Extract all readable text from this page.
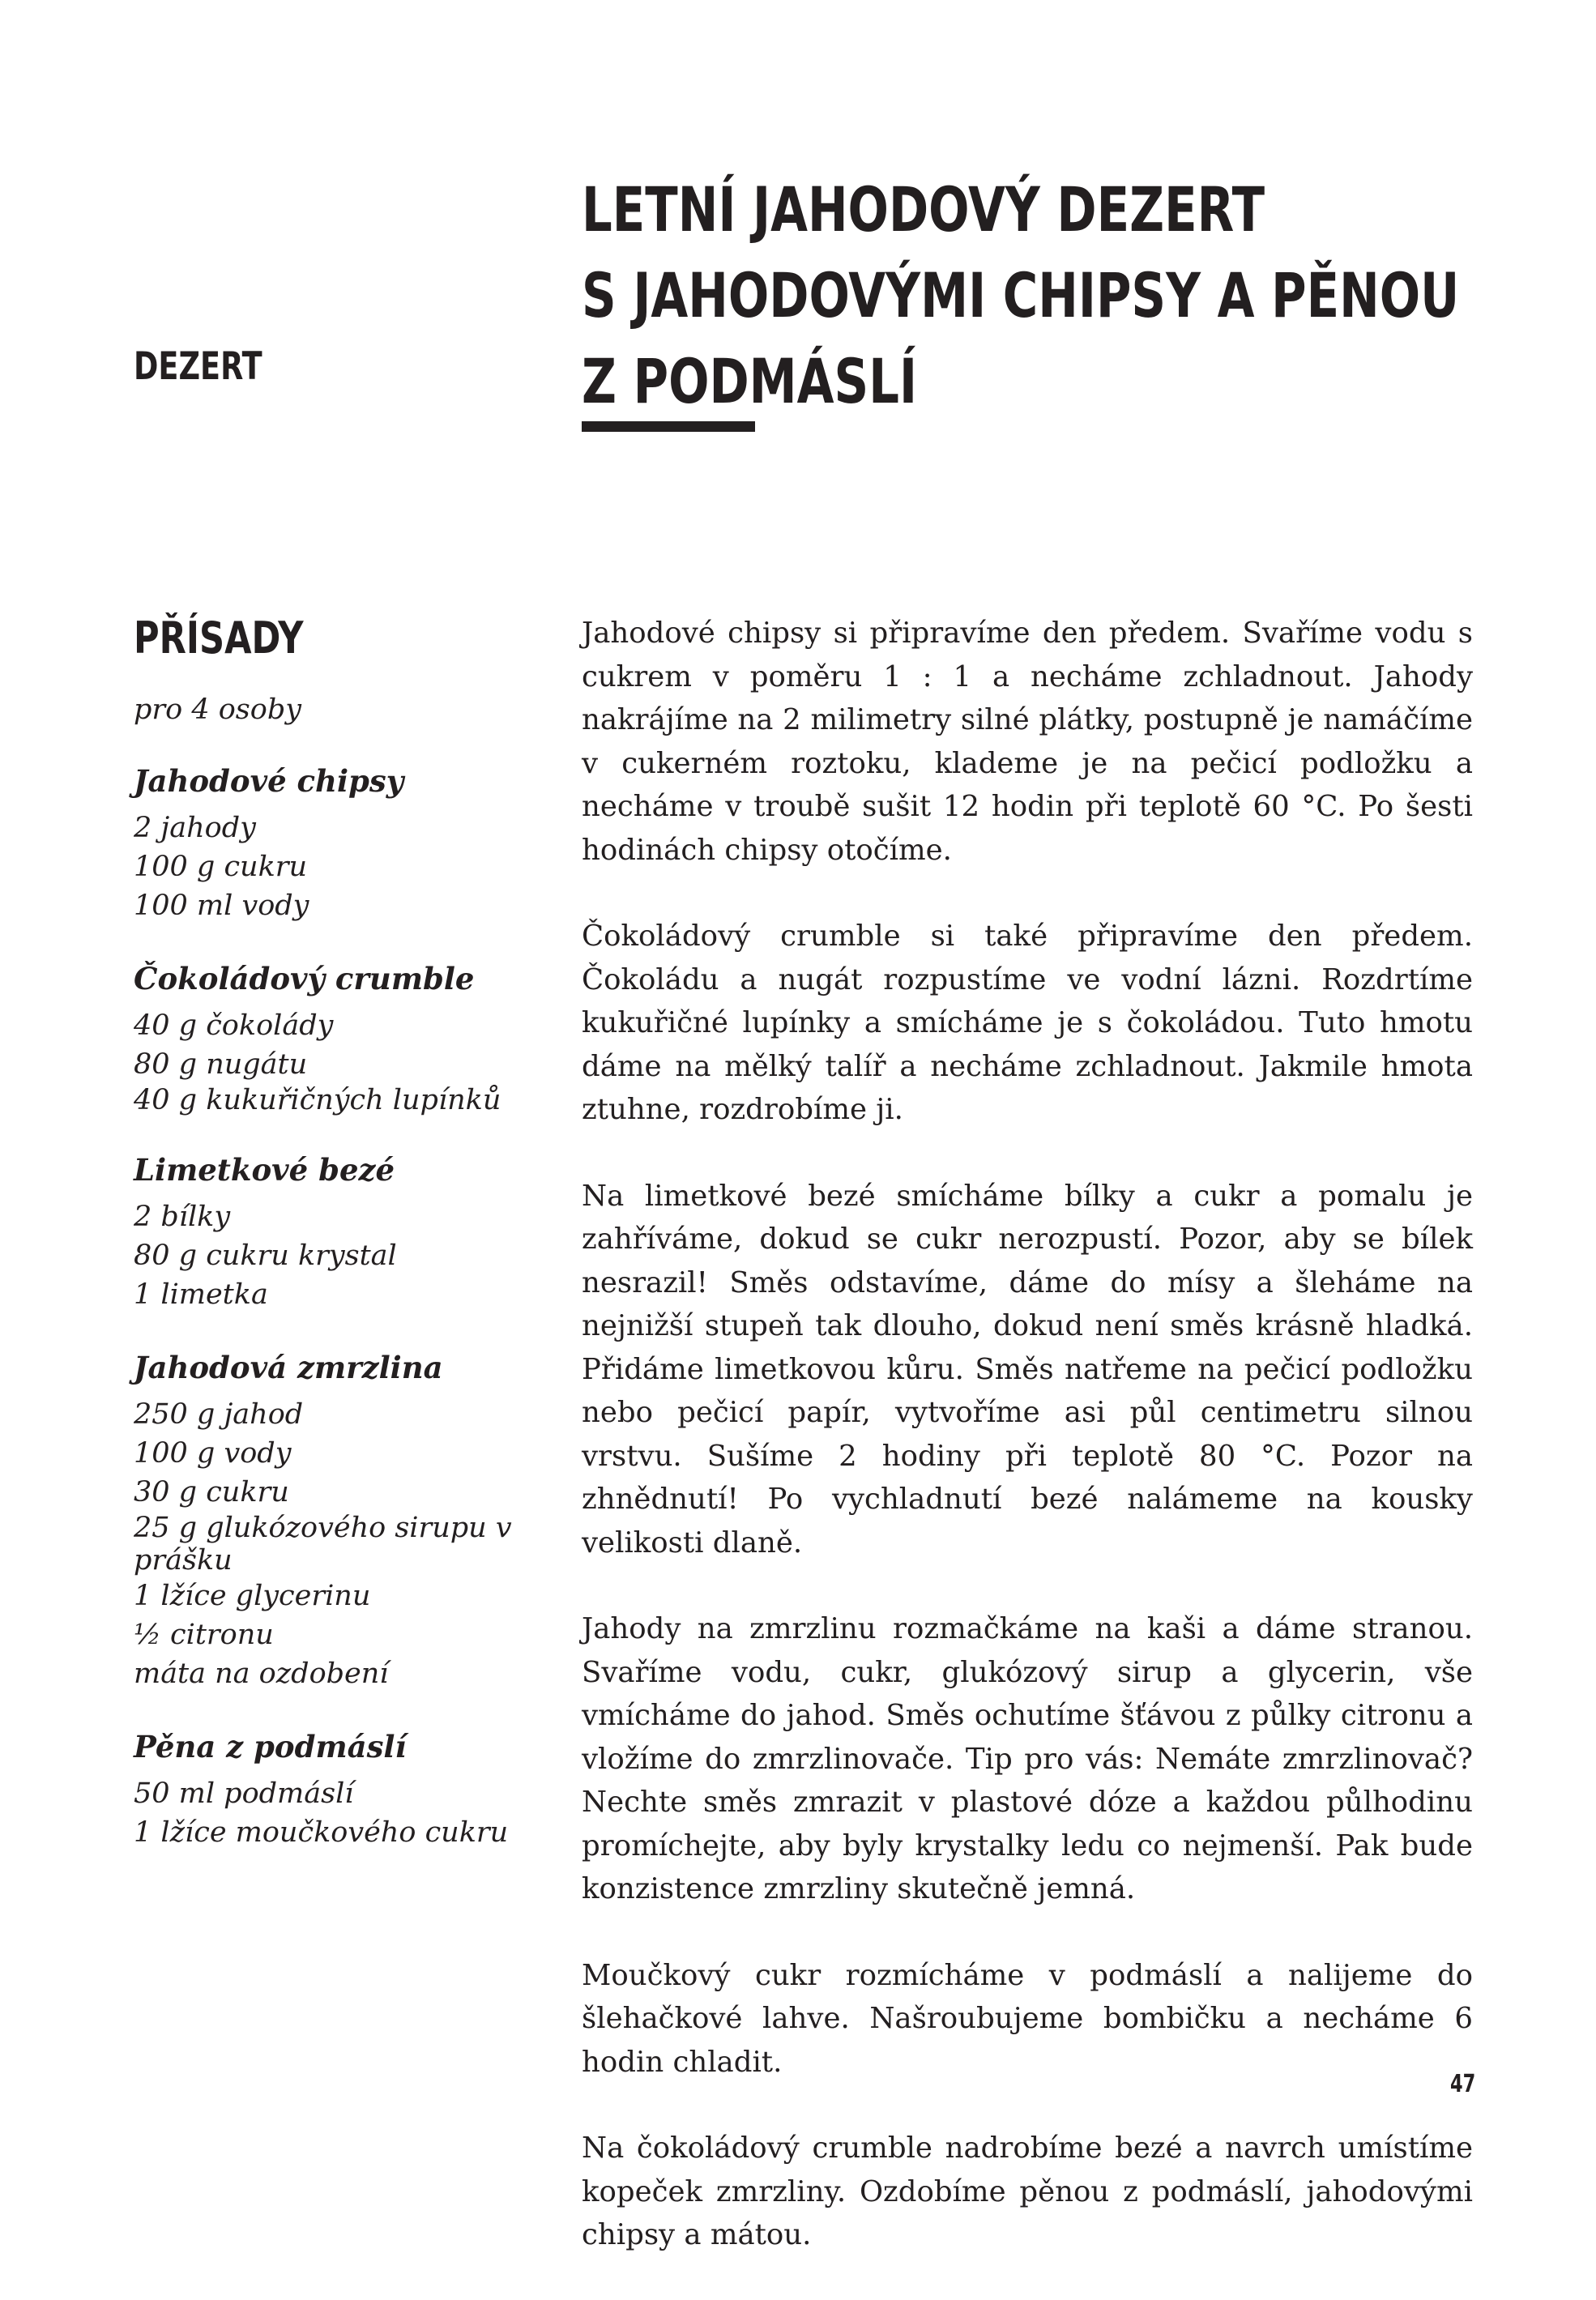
DEZERT
LETNÍ JAHODOVÝ DEZERT
S JAHODOVÝMI CHIPSY A PĚNOU
Z PODMÁSLÍ
PŘÍSADY
pro 4 osoby
Jahodové chipsy
2 jahody
100 g cukru
100 ml vody
Čokoládový crumble
40 g čokolády
80 g nugátu
40 g kukuřičných lupínků
Limetkové bezé
2 bílky
80 g cukru krystal
1 limetka
Jahodová zmrzlina
250 g jahod
100 g vody
30 g cukru
25 g glukózového sirupu v prášku
1 lžíce glycerinu
½ citronu
máta na ozdobení
Pěna z podmáslí
50 ml podmáslí
1 lžíce moučkového cukru

Jahodové chipsy si připravíme den předem. Svaříme vodu s cukrem v poměru 1 : 1 a necháme zchladnout. Jahody nakrájíme na 2 milimetry silné plátky, postupně je namáčíme v cukerném roztoku, klademe je na pečicí podložku a necháme v troubě sušit 12 hodin při teplotě 60 °C. Po šesti hodinách chipsy otočíme.

Čokoládový crumble si také připravíme den předem. Čokoládu a nugát rozpustíme ve vodní lázni. Rozdrtíme kukuřičné lupínky a smícháme je s čokoládou. Tuto hmotu dáme na mělký talíř a necháme zchladnout. Jakmile hmota ztuhne, rozdrobíme ji.

Na limetkové bezé smícháme bílky a cukr a pomalu je zahříváme, dokud se cukr nerozpustí. Pozor, aby se bílek nesrazil! Směs odstavíme, dáme do mísy a šleháme na nejnižší stupeň tak dlouho, dokud není směs krásně hladká. Přidáme limetkovou kůru. Směs natřeme na pečicí podložku nebo pečicí papír, vytvoříme asi půl centimetru silnou vrstvu. Sušíme 2 hodiny při teplotě 80 °C. Pozor na zhnědnutí! Po vychladnutí bezé nalámeme na kousky velikosti dlaně.

Jahody na zmrzlinu rozmačkáme na kaši a dáme stranou. Svaříme vodu, cukr, glukózový sirup a glycerin, vše vmícháme do jahod. Směs ochutíme šťávou z půlky citronu a vložíme do zmrzlinovače. Tip pro vás: Nemáte zmrzlinovač? Nechte směs zmrazit v plastové dóze a každou půlhodinu promíchejte, aby byly krystalky ledu co nejmenší. Pak bude konzistence zmrzliny skutečně jemná.

Moučkový cukr rozmícháme v podmáslí a nalijeme do šlehačkové lahve. Našroubujeme bombičku a necháme 6 hodin chladit.

Na čokoládový crumble nadrobíme bezé a navrch umístíme kopeček zmrzliny. Ozdobíme pěnou z podmáslí, jahodovými chipsy a mátou.

47
